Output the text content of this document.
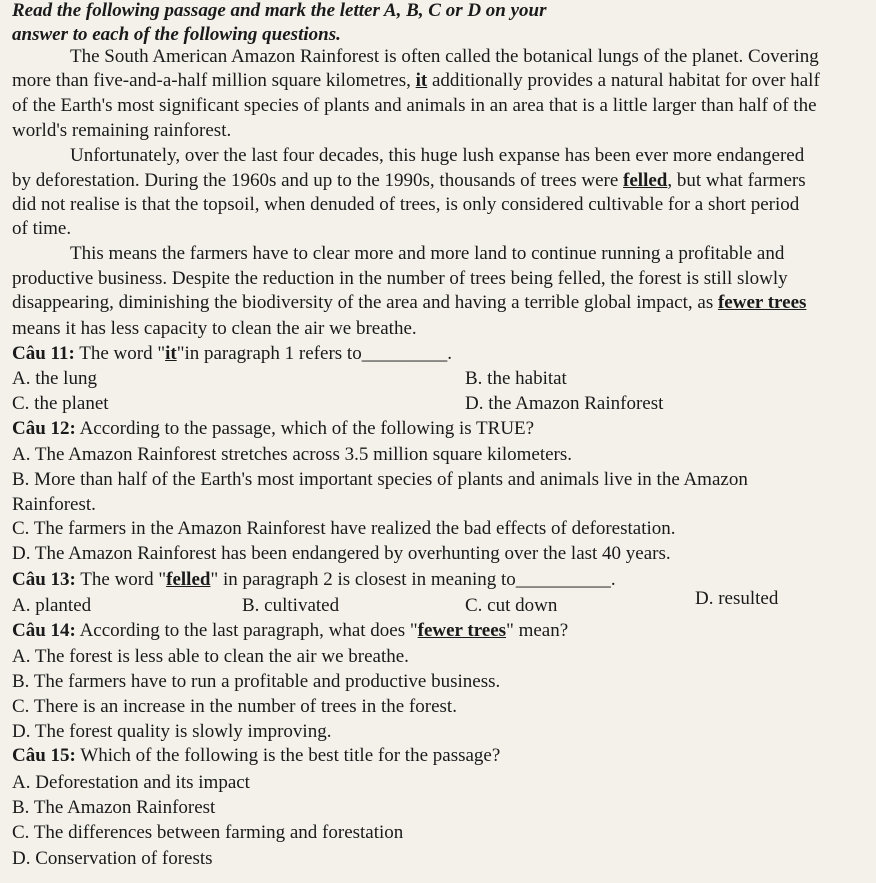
Read the following passage and mark the letter A, B, C or D on your
answer to each of the following questions.
The South American Amazon Rainforest is often called the botanical lungs of the planet. Covering
more than five-and-a-half million square kilometres, it additionally provides a natural habitat for over half
of the Earth's most significant species of plants and animals in an area that is a little larger than half of the
world's remaining rainforest.
Unfortunately, over the last four decades, this huge lush expanse has been ever more endangered
by deforestation. During the 1960s and up to the 1990s, thousands of trees were felled, but what farmers
did not realise is that the topsoil, when denuded of trees, is only considered cultivable for a short period
of time.
This means the farmers have to clear more and more land to continue running a profitable and
productive business. Despite the reduction in the number of trees being felled, the forest is still slowly
disappearing, diminishing the biodiversity of the area and having a terrible global impact, as fewer trees
means it has less capacity to clean the air we breathe.
Câu 11: The word "it"in paragraph 1 refers to_________.
A. the lung	B. the habitat
C. the planet	D. the Amazon Rainforest
Câu 12: According to the passage, which of the following is TRUE?
A. The Amazon Rainforest stretches across 3.5 million square kilometers.
B. More than half of the Earth's most important species of plants and animals live in the Amazon
Rainforest.
C. The farmers in the Amazon Rainforest have realized the bad effects of deforestation.
D. The Amazon Rainforest has been endangered by overhunting over the last 40 years.
Câu 13: The word "felled" in paragraph 2 is closest in meaning to__________.
A. planted	B. cultivated	C. cut down	D. resulted
Câu 14: According to the last paragraph, what does "fewer trees" mean?
A. The forest is less able to clean the air we breathe.
B. The farmers have to run a profitable and productive business.
C. There is an increase in the number of trees in the forest.
D. The forest quality is slowly improving.
Câu 15: Which of the following is the best title for the passage?
A. Deforestation and its impact
B. The Amazon Rainforest
C. The differences between farming and forestation
D. Conservation of forests
